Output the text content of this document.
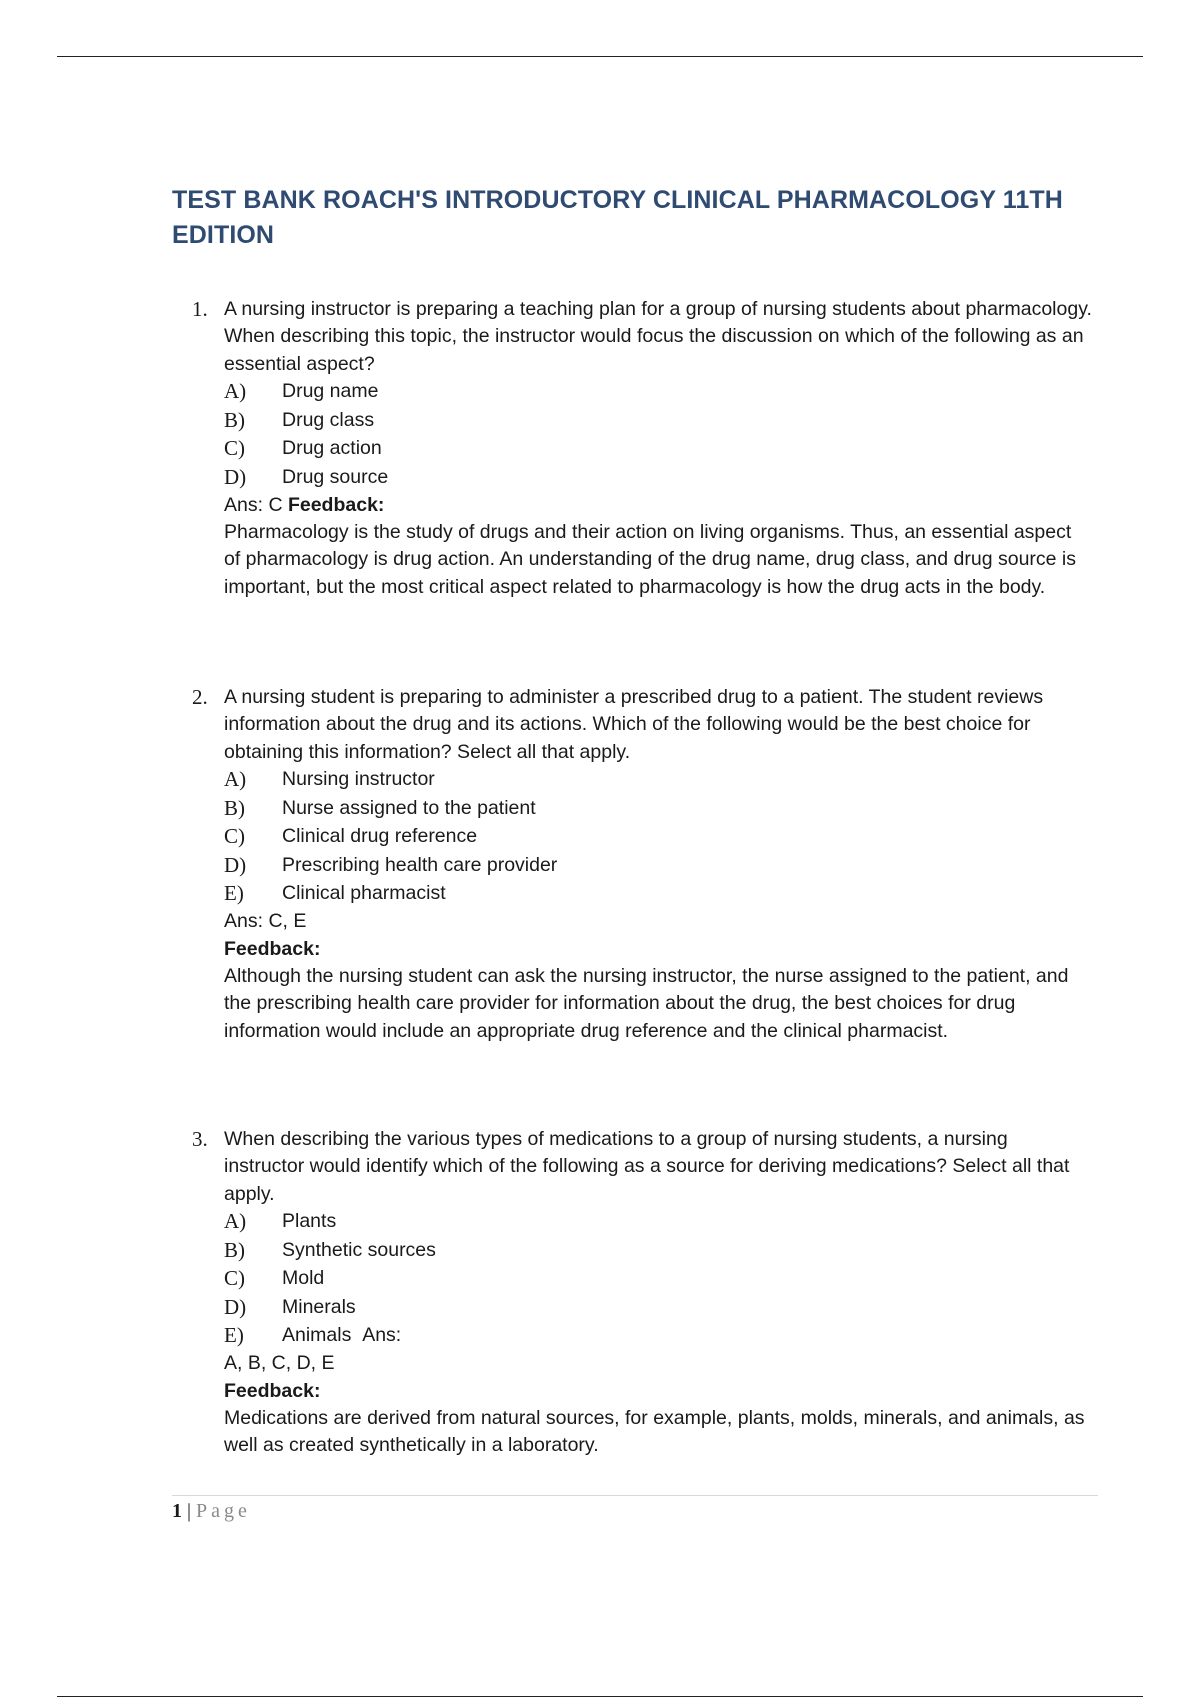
TEST BANK ROACH'S INTRODUCTORY CLINICAL PHARMACOLOGY 11TH EDITION
1. A nursing instructor is preparing a teaching plan for a group of nursing students about pharmacology. When describing this topic, the instructor would focus the discussion on which of the following as an essential aspect?
A)	Drug name
B)	Drug class
C)	Drug action
D)	Drug source
Ans: C Feedback:
Pharmacology is the study of drugs and their action on living organisms. Thus, an essential aspect of pharmacology is drug action. An understanding of the drug name, drug class, and drug source is important, but the most critical aspect related to pharmacology is how the drug acts in the body.
2. A nursing student is preparing to administer a prescribed drug to a patient. The student reviews information about the drug and its actions. Which of the following would be the best choice for obtaining this information? Select all that apply.
A)	Nursing instructor
B)	Nurse assigned to the patient
C)	Clinical drug reference
D)	Prescribing health care provider
E)	Clinical pharmacist
Ans: C, E
Feedback:
Although the nursing student can ask the nursing instructor, the nurse assigned to the patient, and the prescribing health care provider for information about the drug, the best choices for drug information would include an appropriate drug reference and the clinical pharmacist.
3. When describing the various types of medications to a group of nursing students, a nursing instructor would identify which of the following as a source for deriving medications? Select all that apply.
A)	Plants
B)	Synthetic sources
C)	Mold
D)	Minerals
E)	Animals
Ans:
A, B, C, D, E
Feedback:
Medications are derived from natural sources, for example, plants, molds, minerals, and animals, as well as created synthetically in a laboratory.
1 | Page
